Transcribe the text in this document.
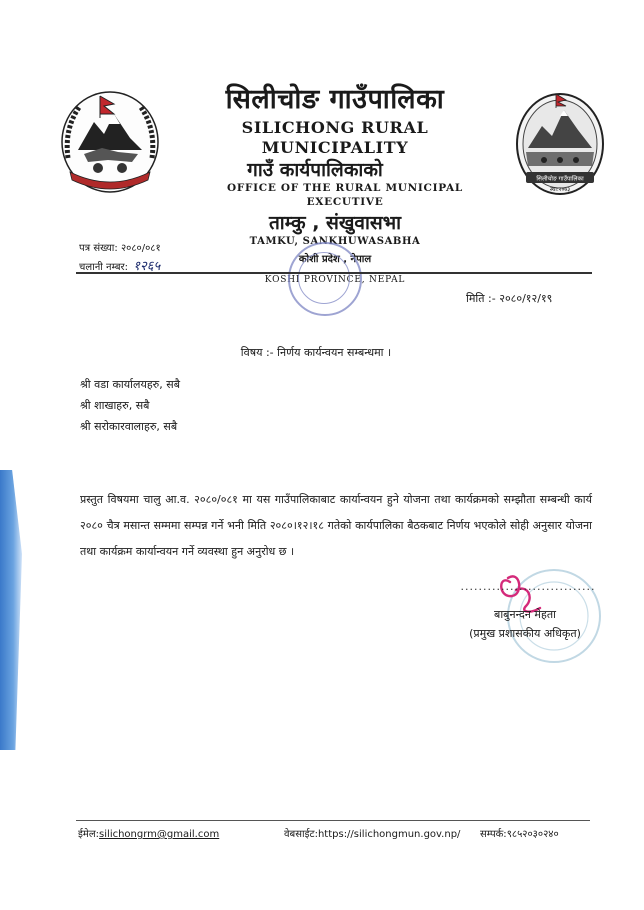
सिलीचोङ गाउँपालिका
स्था:२०७३
सिलीचोङ गाउँपालिका
SILICHONG RURAL MUNICIPALITY
गाउँ कार्यपालिकाको
OFFICE OF THE RURAL MUNICIPAL EXECUTIVE
ताम्कु , संखुवासभा
TAMKU, SANKHUWASABHA
कोशी प्रदेश , नेपाल
KOSHI PROVINCE, NEPAL
पत्र संख्या: २०८०/०८१
चलानी नम्बर: १२६५
मिति :- २०८०/१२/१९
विषय :- निर्णय कार्यन्वयन सम्बन्धमा ।
श्री वडा कार्यालयहरु, सबै
श्री शाखाहरु, सबै
श्री सरोकारवालाहरु, सबै
प्रस्तुत विषयमा चालु आ.व. २०८०/०८१ मा यस गाउँपालिकाबाट कार्यान्वयन हुने योजना तथा कार्यक्रमको सम्झौता सम्बन्धी कार्य २०८० चैत्र मसान्त सम्ममा सम्पन्न गर्ने भनी मिति २०८०।१२।१८ गतेको कार्यपालिका बैठकबाट निर्णय भएकोले सोही अनुसार योजना तथा कार्यक्रम कार्यान्वयन गर्ने व्यवस्था हुन अनुरोध छ ।
..............................
बाबुनन्दन मेहता
(प्रमुख प्रशासकीय अधिकृत)
ईमेल:silichongrm@gmail.com	वेबसाईट:https://silichongmun.gov.np/ सम्पर्क:९८५२०३०२४०
